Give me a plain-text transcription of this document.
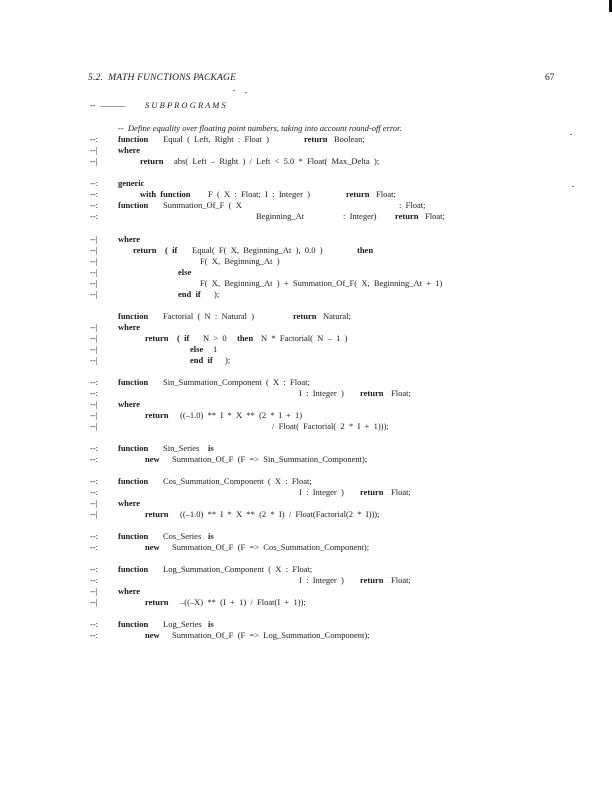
5.2.  MATH FUNCTIONS PACKAGE	67
--  –––––– S U B P R O G R A M S
--  Define equality over floating point numbers, taking into account round-off error.
--: function Equal  (  Left,  Right  :  Float  )	return Boolean;
--| where
--|	return abs(  Left  –  Right  )  /  Left  <  5.0  *  Float(  Max_Delta  );
--: generic
--:	with  function F  (  X  :  Float;  I  :  Integer  )	return Float;
--: function Summation_Of_F  (  X	:  Float;
--:	Beginning_At	:  Integer) return Float;
--| where
--|	return (  if Equal(  F(  X,  Beginning_At  ),  0.0  )	then
--|	F(  X,  Beginning_At  )
--|	else
--|	F(  X,  Beginning_At  )  +  Summation_Of_F(  X,  Beginning_At  +  1)
--|	end  if );
function Factorial  (  N  :  Natural  )	return Natural;
--| where
--|	return (  if N  >  0 then N  *  Factorial(  N  –  1  )
--|	else 1
--|	end  if );
--: function Sin_Summation_Component  (  X  :  Float;
--:	I  :  Integer  ) return Float;
--| where
--|	return ((–1.0)  **  I  *  X  **  (2  *  I  +  1)
--|	/  Float(  Factorial(  2  *  I  +  1)));
--: function Sin_Series is
--:	new Summation_Of_F  (F  =>  Sin_Summation_Component);
--: function Cos_Summation_Component  (  X  :  Float;
--:	I  :  Integer  ) return Float;
--| where
--|	return ((–1.0)  **  I  *  X  **  (2  *  I)  /  Float(Factorial(2  *  I)));
--: function Cos_Series is
--:	new Summation_Of_F  (F  =>  Cos_Summation_Component);
--: function Log_Summation_Component  (  X  :  Float;
--:	I  :  Integer  ) return Float;
--| where
--|	return –((–X)  **  (I  +  1)  /  Float(I  +  1));
--: function Log_Series is
--:	new Summation_Of_F  (F  =>  Log_Summation_Component);
